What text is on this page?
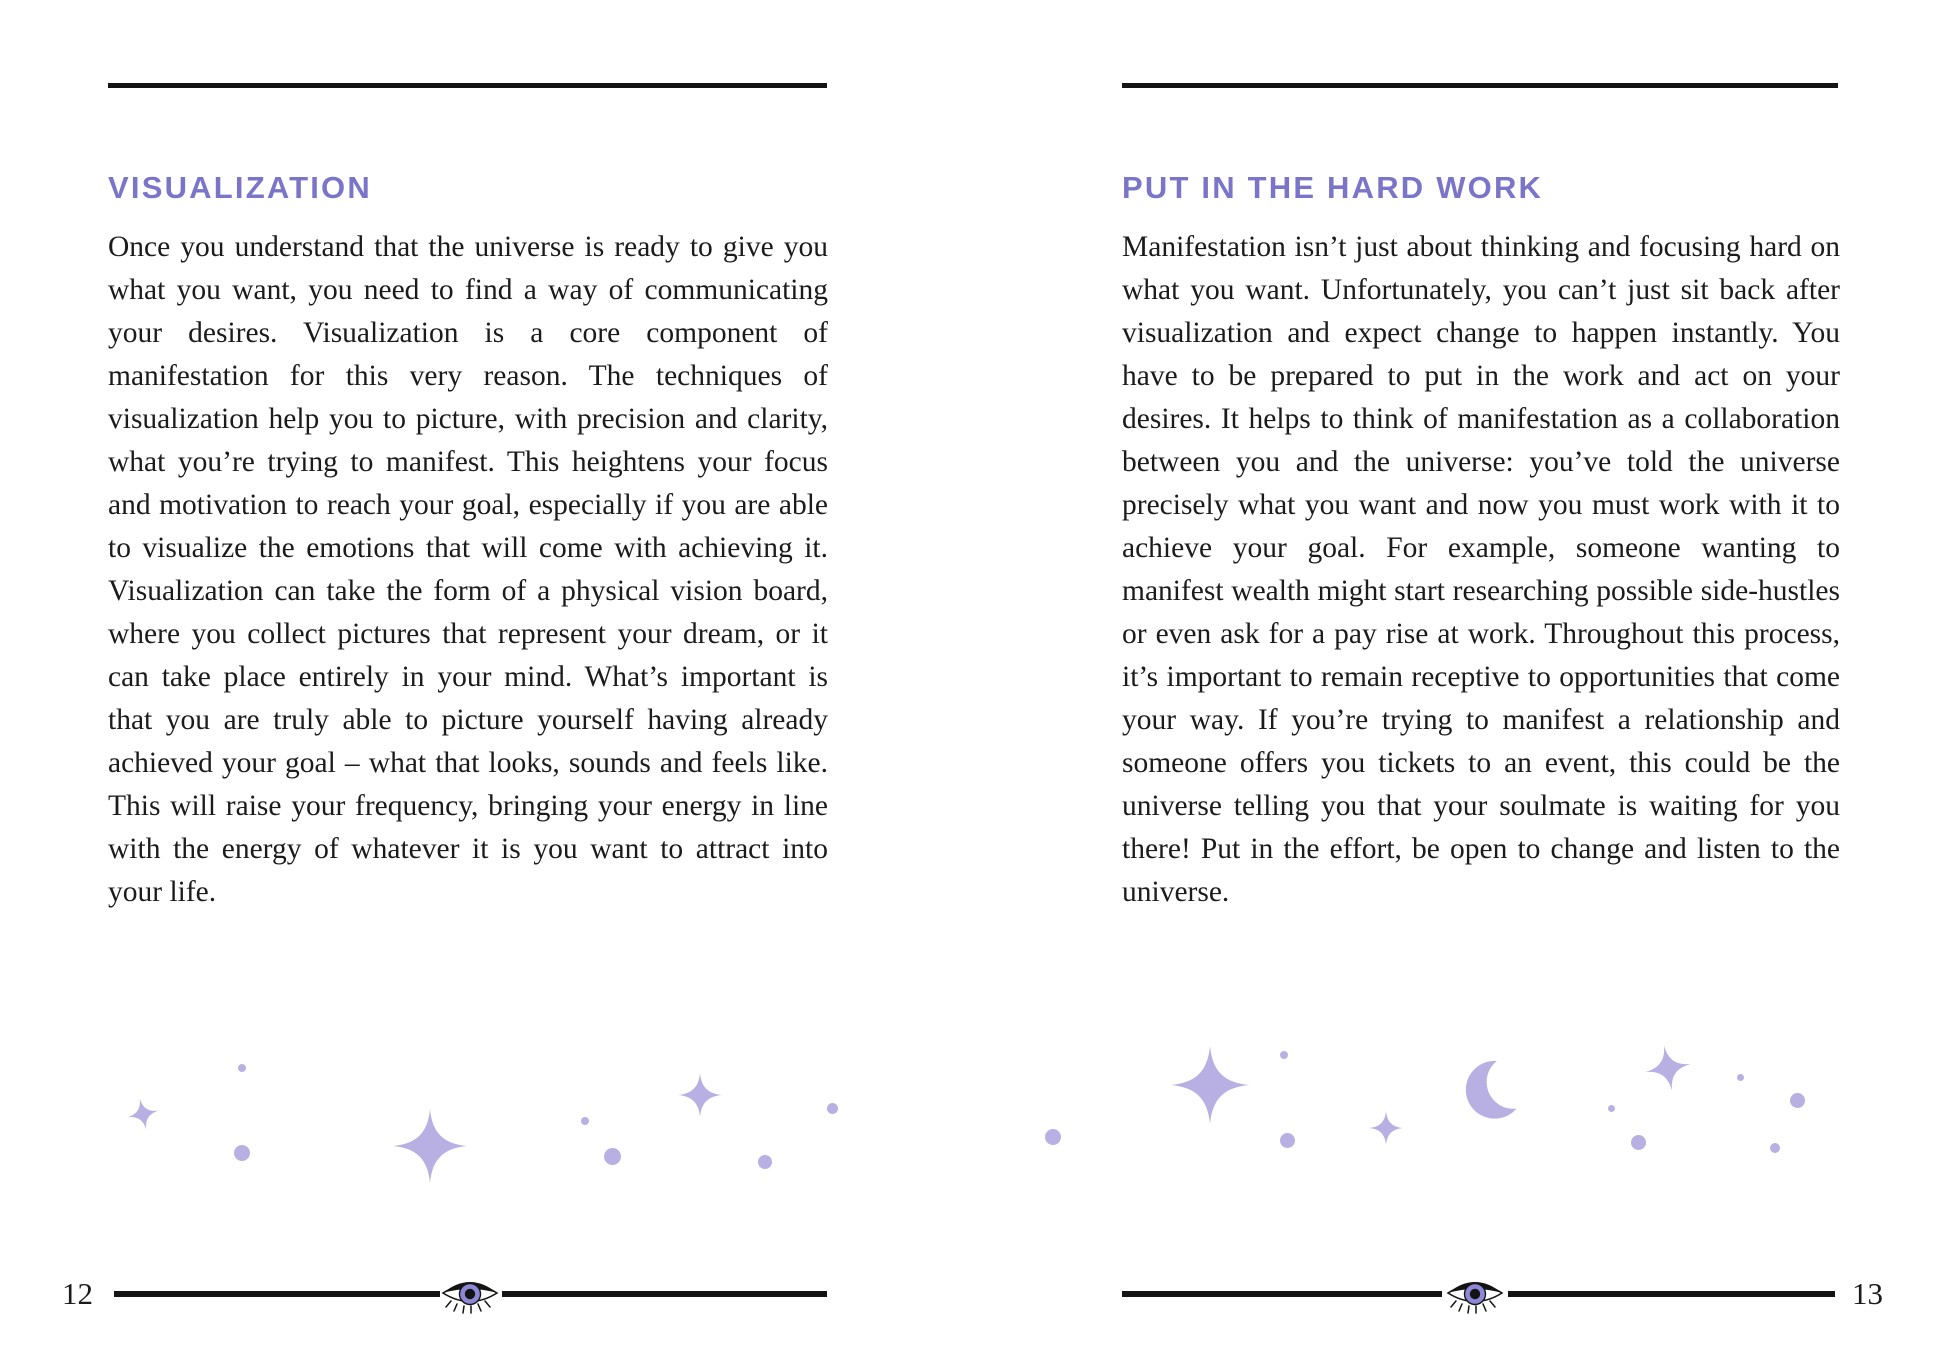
VISUALIZATION
Once you understand that the universe is ready to give you what you want, you need to find a way of communicating your desires. Visualization is a core component of manifestation for this very reason. The techniques of visualization help you to picture, with precision and clarity, what you’re trying to manifest. This heightens your focus and motivation to reach your goal, especially if you are able to visualize the emotions that will come with achieving it. Visualization can take the form of a physical vision board, where you collect pictures that represent your dream, or it can take place entirely in your mind. What’s important is that you are truly able to picture yourself having already achieved your goal – what that looks, sounds and feels like. This will raise your frequency, bringing your energy in line with the energy of whatever it is you want to attract into your life.
PUT IN THE HARD WORK
Manifestation isn’t just about thinking and focusing hard on what you want. Unfortunately, you can’t just sit back after visualization and expect change to happen instantly. You have to be prepared to put in the work and act on your desires. It helps to think of manifestation as a collaboration between you and the universe: you’ve told the universe precisely what you want and now you must work with it to achieve your goal. For example, someone wanting to manifest wealth might start researching possible side-hustles or even ask for a pay rise at work. Throughout this process, it’s important to remain receptive to opportunities that come your way. If you’re trying to manifest a relationship and someone offers you tickets to an event, this could be the universe telling you that your soulmate is waiting for you there! Put in the effort, be open to change and listen to the universe.
12	13
